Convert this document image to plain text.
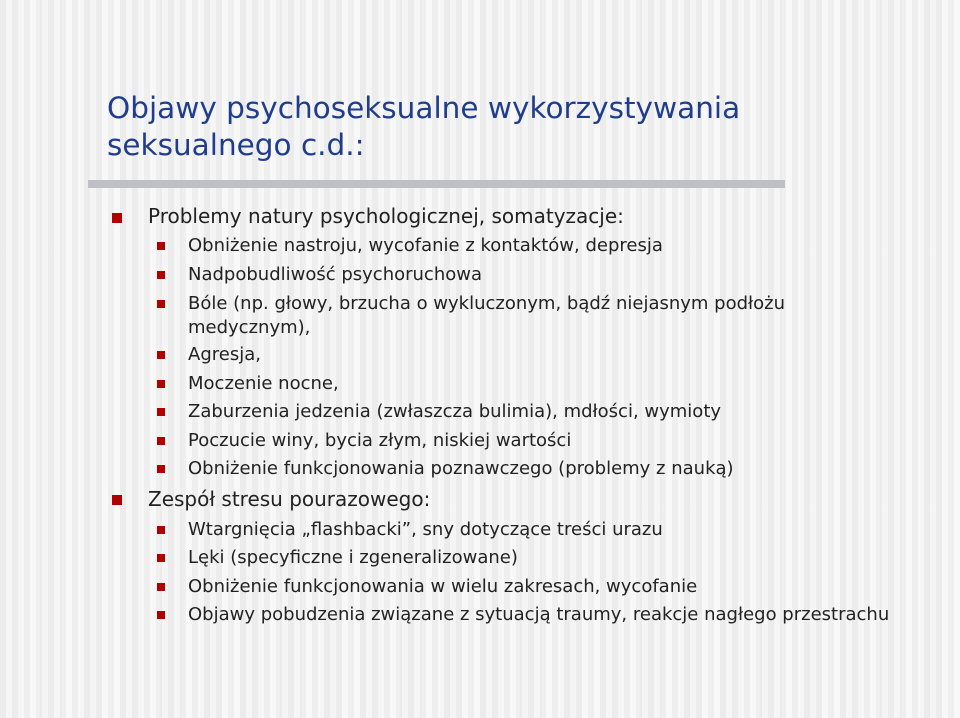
Objawy psychoseksualne wykorzystywania seksualnego c.d.:
Problemy natury psychologicznej, somatyzacje:
Obniżenie nastroju, wycofanie z kontaktów, depresja
Nadpobudliwość psychoruchowa
Bóle (np. głowy, brzucha o wykluczonym, bądź niejasnym podłożu medycznym),
Agresja,
Moczenie nocne,
Zaburzenia jedzenia (zwłaszcza bulimia), mdłości, wymioty
Poczucie winy, bycia złym, niskiej wartości
Obniżenie funkcjonowania poznawczego (problemy z nauką)
Zespół stresu pourazowego:
Wtargnięcia „flashbacki”, sny dotyczące treści urazu
Lęki (specyficzne i zgeneralizowane)
Obniżenie funkcjonowania w wielu zakresach, wycofanie
Objawy pobudzenia związane z sytuacją traumy, reakcje nagłego przestrachu
